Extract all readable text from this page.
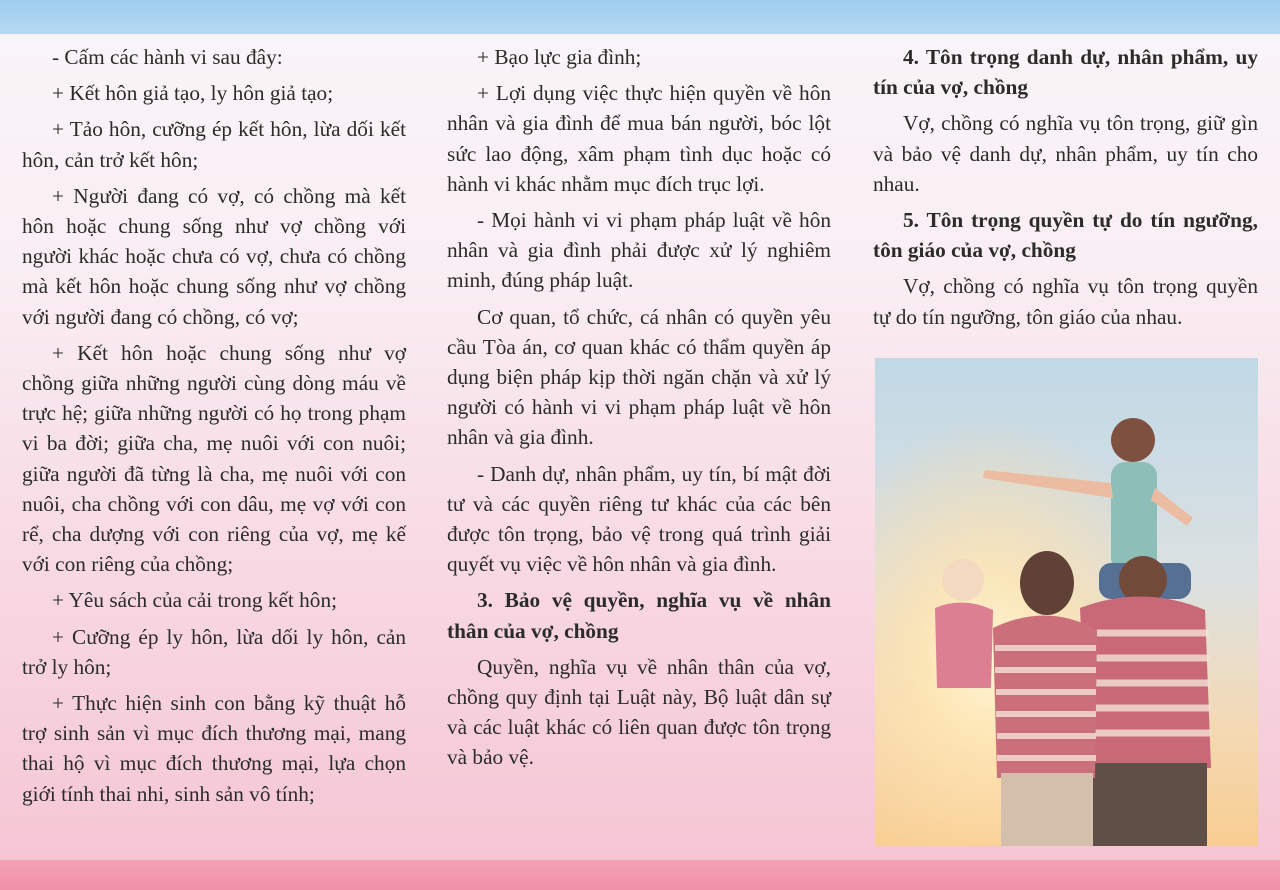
- Cấm các hành vi sau đây:

+ Kết hôn giả tạo, ly hôn giả tạo;

+ Tảo hôn, cưỡng ép kết hôn, lừa dối kết hôn, cản trở kết hôn;

+ Người đang có vợ, có chồng mà kết hôn hoặc chung sống như vợ chồng với người khác hoặc chưa có vợ, chưa có chồng mà kết hôn hoặc chung sống như vợ chồng với người đang có chồng, có vợ;

+ Kết hôn hoặc chung sống như vợ chồng giữa những người cùng dòng máu về trực hệ; giữa những người có họ trong phạm vi ba đời; giữa cha, mẹ nuôi với con nuôi; giữa người đã từng là cha, mẹ nuôi với con nuôi, cha chồng với con dâu, mẹ vợ với con rể, cha dượng với con riêng của vợ, mẹ kế với con riêng của chồng;

+ Yêu sách của cải trong kết hôn;

+ Cưỡng ép ly hôn, lừa dối ly hôn, cản trở ly hôn;

+ Thực hiện sinh con bằng kỹ thuật hỗ trợ sinh sản vì mục đích thương mại, mang thai hộ vì mục đích thương mại, lựa chọn giới tính thai nhi, sinh sản vô tính;

+ Bạo lực gia đình;

+ Lợi dụng việc thực hiện quyền về hôn nhân và gia đình để mua bán người, bóc lột sức lao động, xâm phạm tình dục hoặc có hành vi khác nhằm mục đích trục lợi.

- Mọi hành vi vi phạm pháp luật về hôn nhân và gia đình phải được xử lý nghiêm minh, đúng pháp luật.

Cơ quan, tổ chức, cá nhân có quyền yêu cầu Tòa án, cơ quan khác có thẩm quyền áp dụng biện pháp kịp thời ngăn chặn và xử lý người có hành vi vi phạm pháp luật về hôn nhân và gia đình.

- Danh dự, nhân phẩm, uy tín, bí mật đời tư và các quyền riêng tư khác của các bên được tôn trọng, bảo vệ trong quá trình giải quyết vụ việc về hôn nhân và gia đình.

3. Bảo vệ quyền, nghĩa vụ về nhân thân của vợ, chồng

Quyền, nghĩa vụ về nhân thân của vợ, chồng quy định tại Luật này, Bộ luật dân sự và các luật khác có liên quan được tôn trọng và bảo vệ.

4. Tôn trọng danh dự, nhân phẩm, uy tín của vợ, chồng

Vợ, chồng có nghĩa vụ tôn trọng, giữ gìn và bảo vệ danh dự, nhân phẩm, uy tín cho nhau.

5. Tôn trọng quyền tự do tín ngưỡng, tôn giáo của vợ, chồng

Vợ, chồng có nghĩa vụ tôn trọng quyền tự do tín ngưỡng, tôn giáo của nhau.
